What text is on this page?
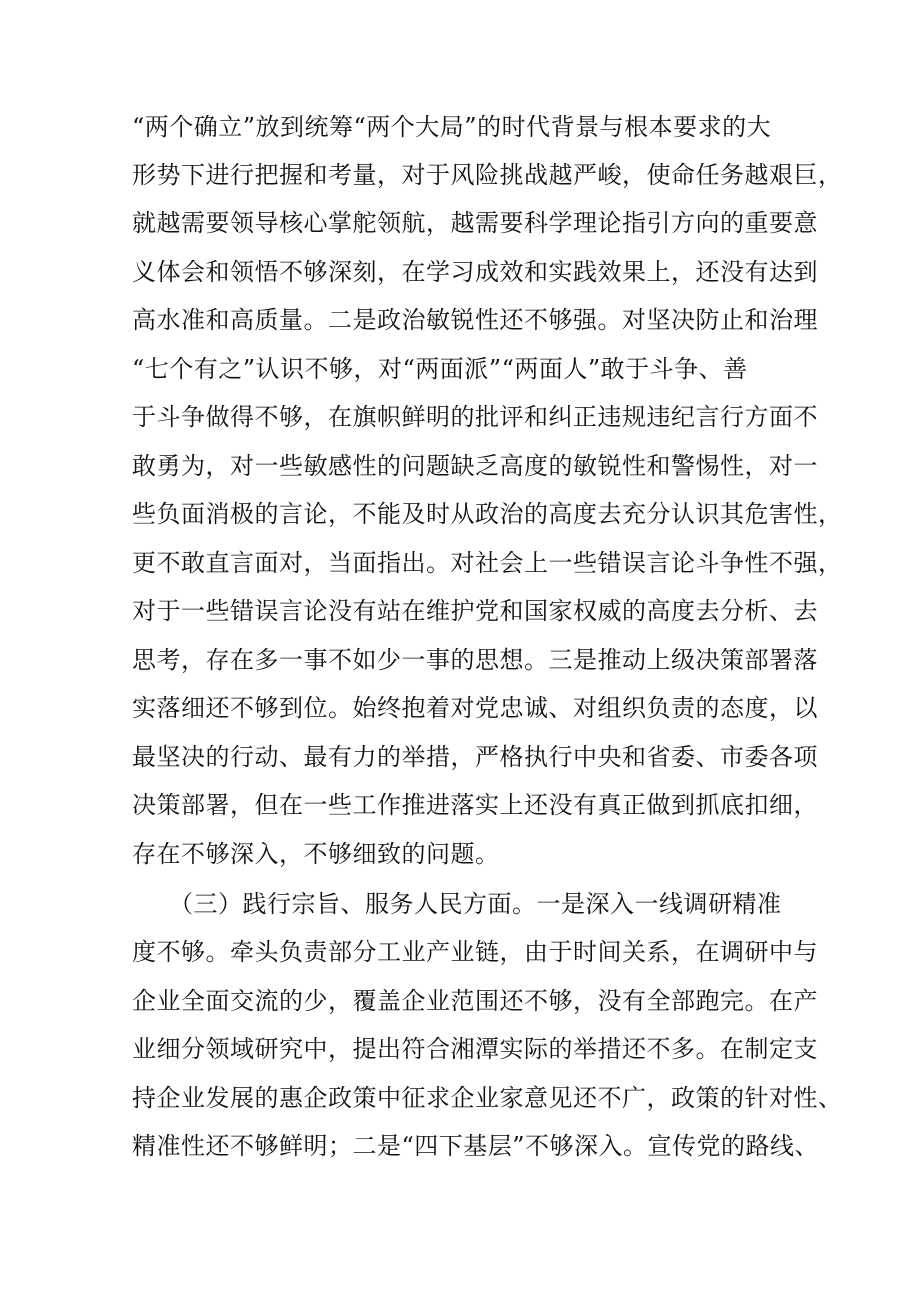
“两个确立”放到统筹“两个大局”的时代背景与根本要求的大
形势下进行把握和考量，对于风险挑战越严峻，使命任务越艰巨，
就越需要领导核心掌舵领航，越需要科学理论指引方向的重要意
义体会和领悟不够深刻，在学习成效和实践效果上，还没有达到
高水准和高质量。二是政治敏锐性还不够强。对坚决防止和治理
“七个有之”认识不够，对“两面派”“两面人”敢于斗争、善
于斗争做得不够，在旗帜鲜明的批评和纠正违规违纪言行方面不
敢勇为，对一些敏感性的问题缺乏高度的敏锐性和警惕性，对一
些负面消极的言论，不能及时从政治的高度去充分认识其危害性，
更不敢直言面对，当面指出。对社会上一些错误言论斗争性不强，
对于一些错误言论没有站在维护党和国家权威的高度去分析、去
思考，存在多一事不如少一事的思想。三是推动上级决策部署落
实落细还不够到位。始终抱着对党忠诚、对组织负责的态度，以
最坚决的行动、最有力的举措，严格执行中央和省委、市委各项
决策部署，但在一些工作推进落实上还没有真正做到抓底扣细，
存在不够深入，不够细致的问题。
　　（三）践行宗旨、服务人民方面。一是深入一线调研精准
度不够。牵头负责部分工业产业链，由于时间关系，在调研中与
企业全面交流的少，覆盖企业范围还不够，没有全部跑完。在产
业细分领域研究中，提出符合湘潭实际的举措还不多。在制定支
持企业发展的惠企政策中征求企业家意见还不广，政策的针对性、
精准性还不够鲜明；二是“四下基层”不够深入。宣传党的路线、
